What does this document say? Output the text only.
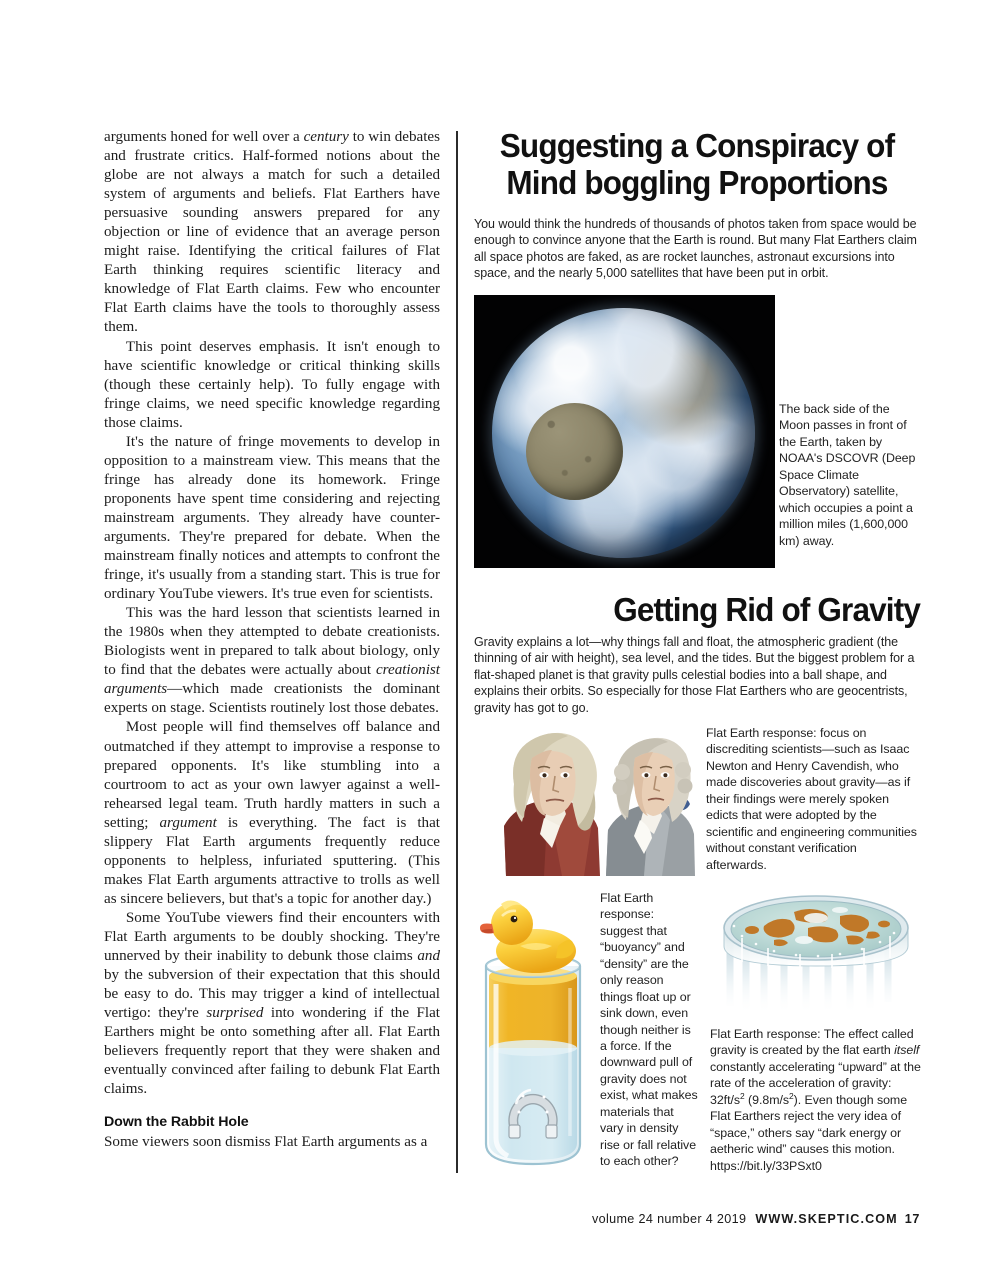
arguments honed for well over a century to win debates and frustrate critics. Half-formed notions about the globe are not always a match for such a detailed system of arguments and beliefs. Flat Earthers have persuasive sounding answers prepared for any objection or line of evidence that an average person might raise. Identifying the critical failures of Flat Earth thinking requires scientific literacy and knowledge of Flat Earth claims. Few who encounter Flat Earth claims have the tools to thoroughly assess them.

This point deserves emphasis. It isn't enough to have scientific knowledge or critical thinking skills (though these certainly help). To fully engage with fringe claims, we need specific knowledge regarding those claims.

It's the nature of fringe movements to develop in opposition to a mainstream view. This means that the fringe has already done its homework. Fringe proponents have spent time considering and rejecting mainstream arguments. They already have counter- arguments. They're prepared for debate. When the mainstream finally notices and attempts to confront the fringe, it's usually from a standing start. This is true for ordinary YouTube viewers. It's true even for scientists.

This was the hard lesson that scientists learned in the 1980s when they attempted to debate creationists. Biologists went in prepared to talk about biology, only to find that the debates were actually about creationist arguments—which made creationists the dominant experts on stage. Scientists routinely lost those debates.

Most people will find themselves off balance and outmatched if they attempt to improvise a response to prepared opponents. It's like stumbling into a courtroom to act as your own lawyer against a well-rehearsed legal team. Truth hardly matters in such a setting; argument is everything. The fact is that slippery Flat Earth arguments frequently reduce opponents to helpless, infuriated sputtering. (This makes Flat Earth arguments attractive to trolls as well as sincere believers, but that's a topic for another day.)

Some YouTube viewers find their encounters with Flat Earth arguments to be doubly shocking. They're unnerved by their inability to debunk those claims and by the subversion of their expectation that this should be easy to do. This may trigger a kind of intellectual vertigo: they're surprised into wondering if the Flat Earthers might be onto something after all. Flat Earth believers frequently report that they were shaken and eventually convinced after failing to debunk Flat Earth claims.

Down the Rabbit Hole

Some viewers soon dismiss Flat Earth arguments as a

Suggesting a Conspiracy of
Mind boggling Proportions

You would think the hundreds of thousands of photos taken from space would be enough to convince anyone that the Earth is round. But many Flat Earthers claim all space photos are faked, as are rocket launches, astronaut excursions into space, and the nearly 5,000 satellites that have been put in orbit.

The back side of the Moon passes in front of the Earth, taken by NOAA's DSCOVR (Deep Space Climate Observatory) satellite, which occupies a point a million miles (1,600,000 km) away.

Getting Rid of Gravity

Gravity explains a lot—why things fall and float, the atmospheric gradient (the thinning of air with height), sea level, and the tides. But the biggest problem for a flat-shaped planet is that gravity pulls celestial bodies into a ball shape, and explains their orbits. So especially for those Flat Earthers who are geocentrists, gravity has got to go.

Flat Earth response: focus on discrediting scientists—such as Isaac Newton and Henry Cavendish, who made discoveries about gravity—as if their findings were merely spoken edicts that were adopted by the scientific and engineering communities without constant verification afterwards.

Flat Earth response: suggest that “buoyancy” and “density” are the only reason things float up or sink down, even though neither is a force. If the downward pull of gravity does not exist, what makes materials that vary in density rise or fall relative to each other?

Flat Earth response: The effect called gravity is created by the flat earth itself constantly accelerating “upward” at the rate of the acceleration of gravity: $32ft/s^2$ $(9.8m/s^2)$. Even though some Flat Earthers reject the very idea of “space,” others say “dark energy or aetheric wind” causes this motion. https://bit.ly/33PSxt0

volume 24 number 4 2019 WWW.SKEPTIC.COM 17
